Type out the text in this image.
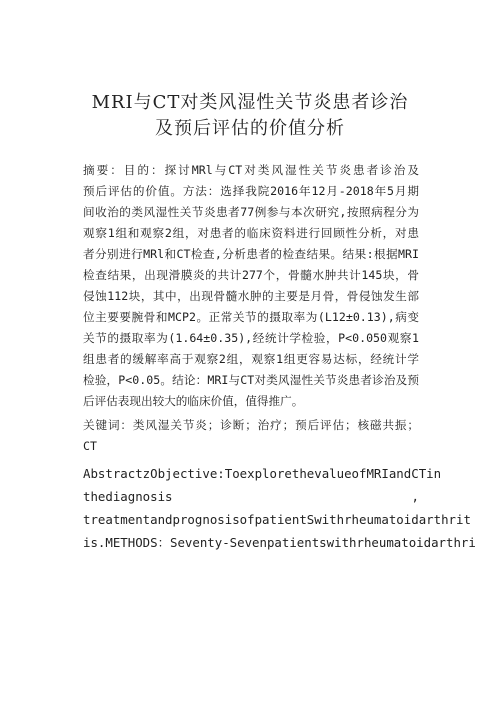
MRI与CT对类风湿性关节炎患者诊治
及预后评估的价值分析
摘要：目的：探讨MRl与CT对类风湿性关节炎患者诊治及
预后评估的价值。方法：选择我院2016年12月-2018年5月期
间收治的类风湿性关节炎患者77例参与本次研究,按照病程分为
观察1组和观察2组，对患者的临床资料进行回顾性分析，对患
者分别进行MRl和CT检查,分析患者的检查结果。结果:根据MRI
检查结果，出现滑膜炎的共计277个，骨髓水肿共计145块，骨
侵蚀112块，其中，出现骨髓水肿的主要是月骨，骨侵蚀发生部
位主要要腕骨和MCP2。正常关节的摄取率为(L12±0.13),病变
关节的摄取率为(1.64±0.35),经统计学检验，P<0.050观察1
组患者的缓解率高于观察2组，观察1组更容易达标，经统计学
检验，P<0.05。结论：MRI与CT对类风湿性关节炎患者诊治及预
后评估表现出较大的临床价值，值得推广。
关键词：类风湿关节炎；诊断；治疗；预后评估；核磁共振；
CT
AbstractzObjective:ToexplorethevalueofMRIandCTin
thediagnosis	,
treatmentandprognosisofpatientSwithrheumatoidarthrit
is.METHODS：Seventy-Sevenpatientswithrheumatoidarthri
